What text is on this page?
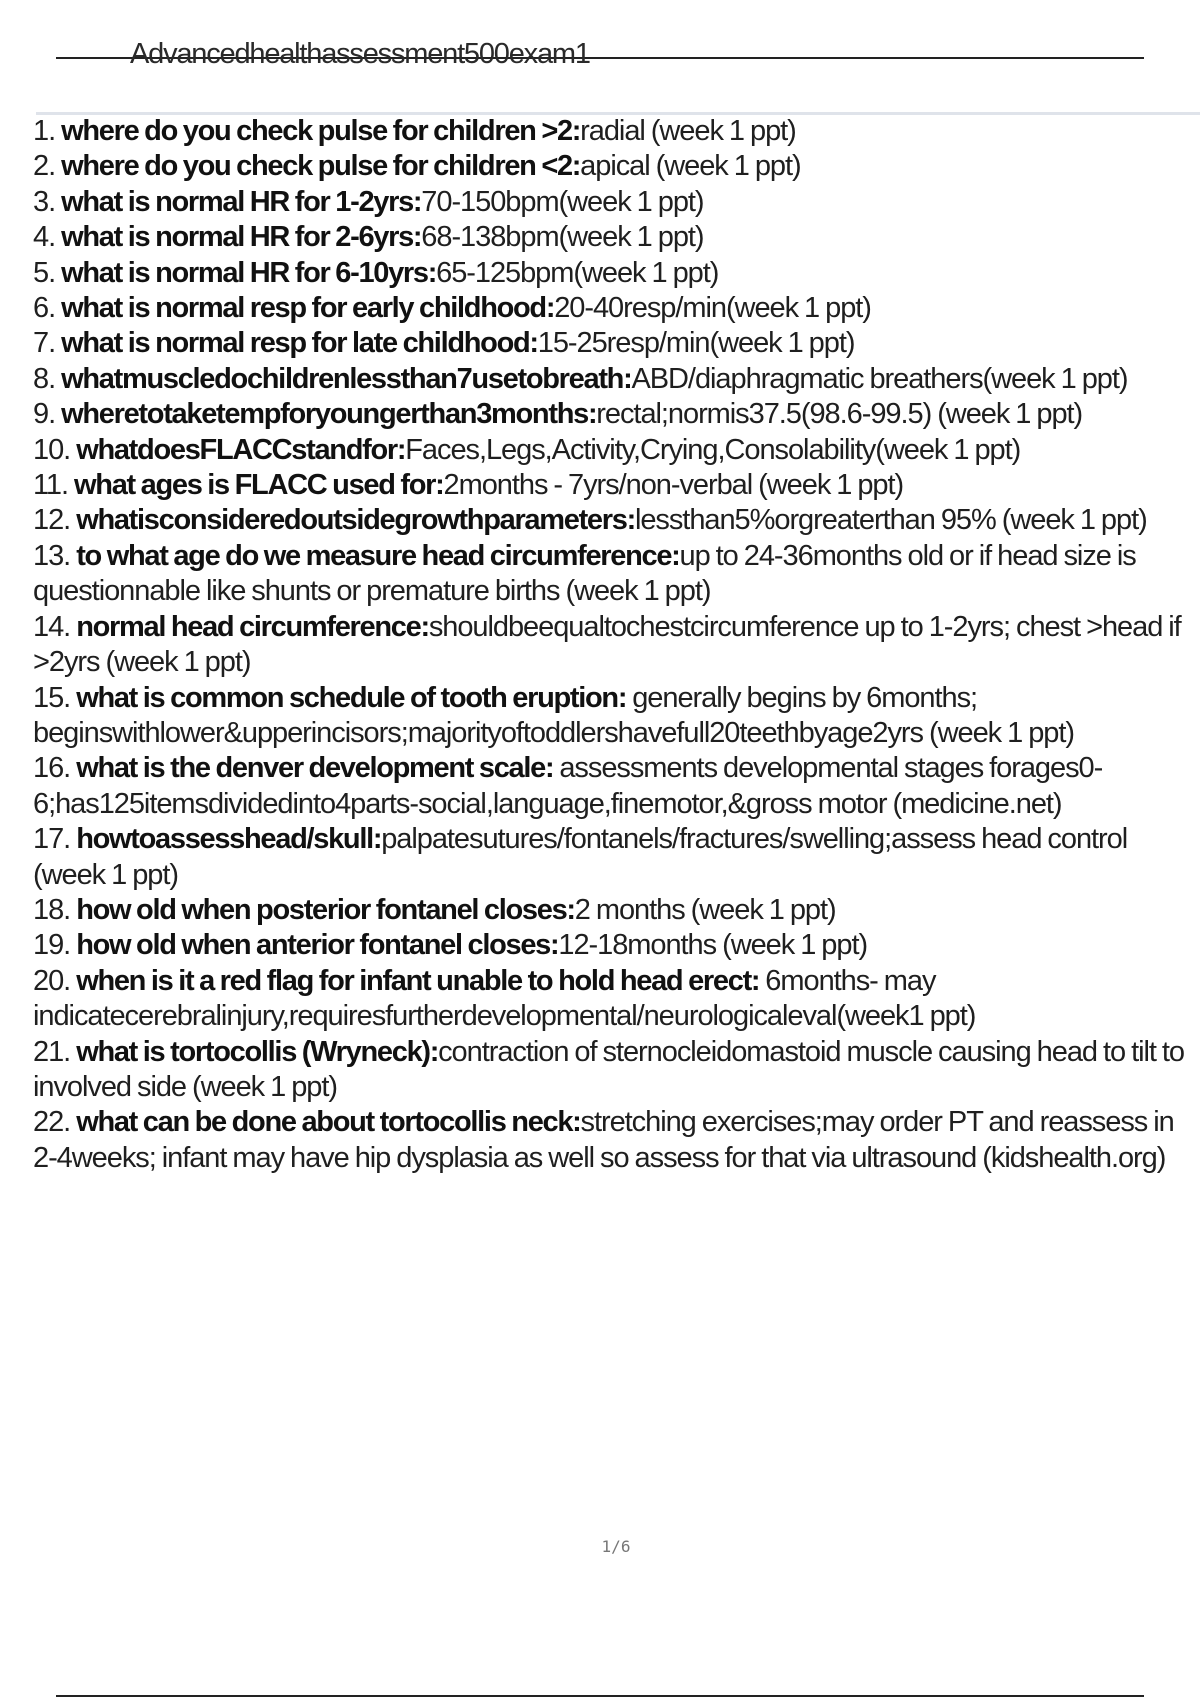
Advancedhealthassessment500exam1
1. where do you check pulse for children >2:radial (week 1 ppt)
2. where do you check pulse for children <2:apical (week 1 ppt)
3. what is normal HR for 1-2yrs:70-150bpm(week 1 ppt)
4. what is normal HR for 2-6yrs:68-138bpm(week 1 ppt)
5. what is normal HR for 6-10yrs:65-125bpm(week 1 ppt)
6. what is normal resp for early childhood:20-40resp/min(week 1 ppt)
7. what is normal resp for late childhood:15-25resp/min(week 1 ppt)
8. whatmuscledochildrenlessthan7usetobreath:ABD/diaphragmatic breathers(week 1 ppt)
9. wheretotaketempforyoungerthan3months:rectal;normis37.5(98.6-99.5) (week 1 ppt)
10. whatdoesFLACCstandfor:Faces,Legs,Activity,Crying,Consolability(week 1 ppt)
11. what ages is FLACC used for:2months - 7yrs/non-verbal (week 1 ppt)
12. whatisconsideredoutsidegrowthparameters:lessthan5%orgreaterthan 95% (week 1 ppt)
13. to what age do we measure head circumference:up to 24-36months old or if head size is questionnable like shunts or premature births (week 1 ppt)
14. normal head circumference:shouldbeequaltochestcircumference up to 1-2yrs; chest >head if >2yrs (week 1 ppt)
15. what is common schedule of tooth eruption: generally begins by 6months; beginswithlower&upperincisors;majorityoftoddlershavefull20teethbyage2yrs (week 1 ppt)
16. what is the denver development scale: assessments developmental stages forages0-6;has125itemsdividedinto4parts-social,language,finemotor,&gross motor (medicine.net)
17. howtoassesshead/skull:palpatesutures/fontanels/fractures/swelling;assess head control (week 1 ppt)
18. how old when posterior fontanel closes:2 months (week 1 ppt)
19. how old when anterior fontanel closes:12-18months (week 1 ppt)
20. when is it a red flag for infant unable to hold head erect: 6months- may indicatecerebralinjury,requiresfurtherdevelopmental/neurologicaleval(week1 ppt)
21. what is tortocollis (Wryneck):contraction of sternocleidomastoid muscle causing head to tilt to involved side (week 1 ppt)
22. what can be done about tortocollis neck:stretching exercises;may order PT and reassess in 2-4weeks; infant may have hip dysplasia as well so assess for that via ultrasound (kidshealth.org)
1/6
